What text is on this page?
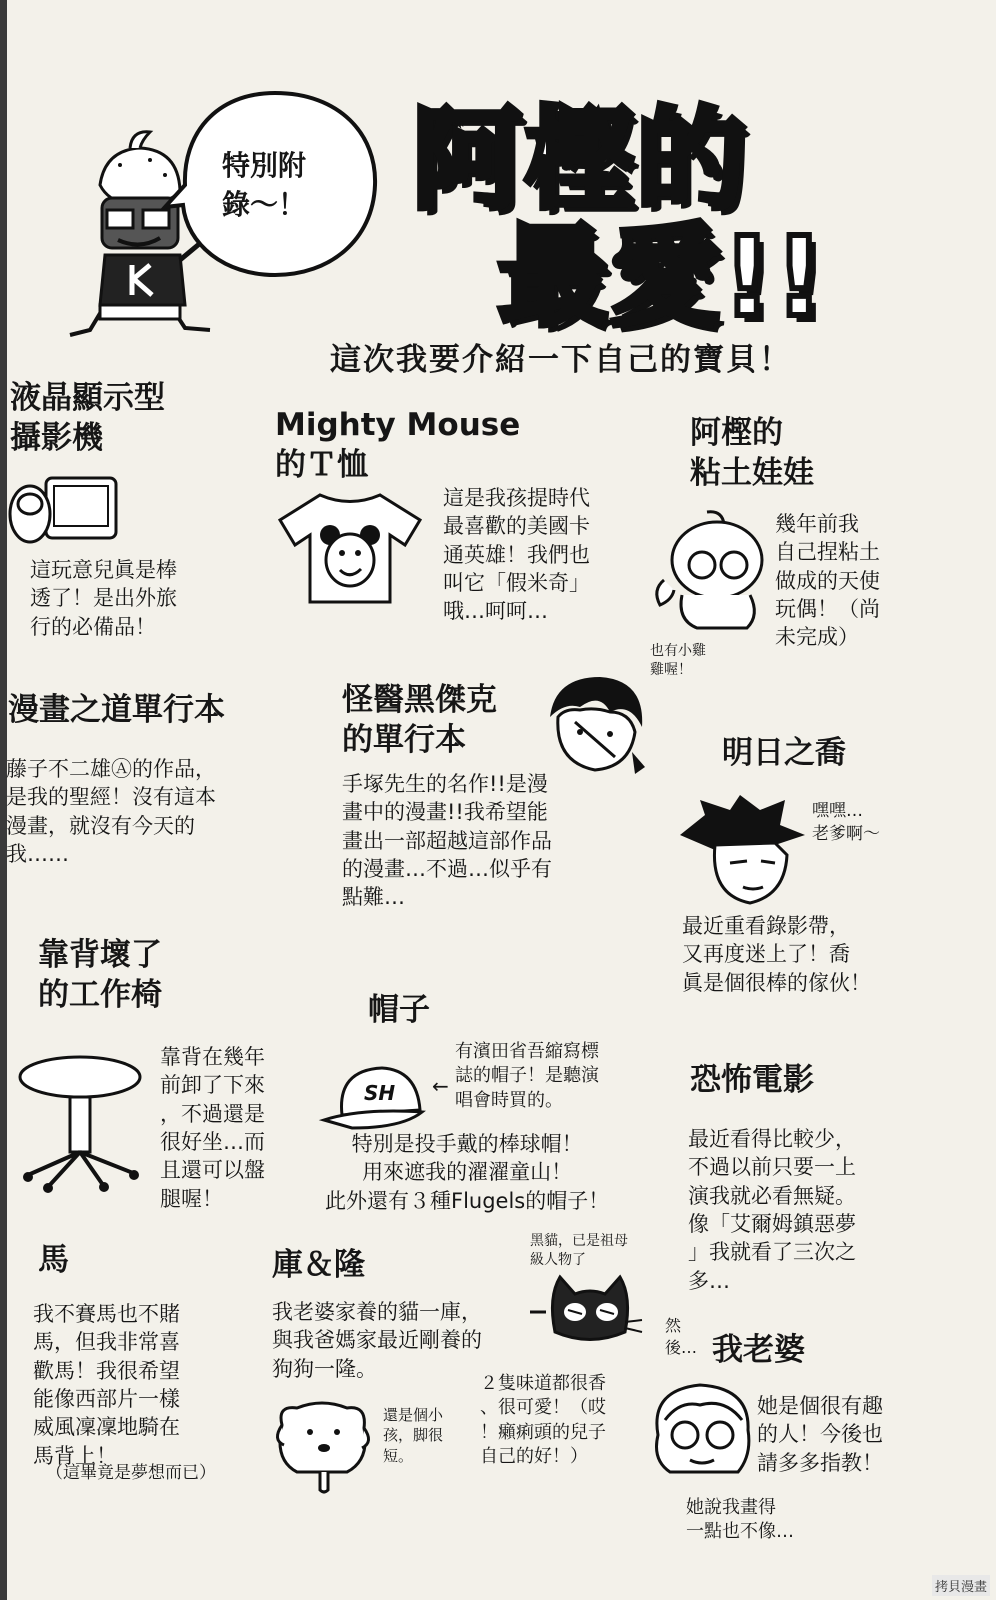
特別附
錄〜！ 阿樫的
最愛!!
這次我要介紹一下自己的寶貝！
液晶顯示型
攝影機
這玩意兒眞是棒
透了！是出外旅
行的必備品！
Mighty Mouse
的Ｔ恤
這是我孩提時代
最喜歡的美國卡
通英雄！我們也
叫它「假米奇」
哦…呵呵…
阿樫的
粘土娃娃
幾年前我
自己捏粘土
做成的天使
玩偶！（尚
未完成）
也有小雞
雞喔！
漫畫之道單行本
藤子不二雄Ⓐ的作品，
是我的聖經！沒有這本
漫畫，就沒有今天的
我……
怪醫黑傑克
的單行本
手塚先生的名作!!是漫
畫中的漫畫!!我希望能
畫出一部超越這部作品
的漫畫…不過…似乎有
點難…
明日之喬
嘿嘿…
老爹啊〜
最近重看錄影帶，
又再度迷上了！喬
眞是個很棒的傢伙！
靠背壞了
的工作椅
靠背在幾年
前卸了下來
，不過還是
很好坐…而
且還可以盤
腿喔！
帽子
SH ←
有濱田省吾縮寫標
誌的帽子！是聽演
唱會時買的。
特別是投手戴的棒球帽！
用來遮我的濯濯童山！
此外還有３種Flugels的帽子！
恐怖電影
最近看得比較少，
不過以前只要一上
演我就必看無疑。
像「艾爾姆鎮惡夢
」我就看了三次之
多…
馬
我不賽馬也不賭
馬，但我非常喜
歡馬！我很希望
能像西部片一樣
威風凜凜地騎在
馬背上！
（這畢竟是夢想而已）
庫＆隆
我老婆家養的貓一庫，
與我爸媽家最近剛養的
狗狗一隆。
黑貓，已是祖母
級人物了
還是個小
孩，脚很
短。
２隻味道都很香
、很可愛！（哎
！癩痢頭的兒子
自己的好！）
然
後… 我老婆
她是個很有趣
的人！今後也
請多多指教！
她說我畫得
一點也不像…
拷貝漫畫
